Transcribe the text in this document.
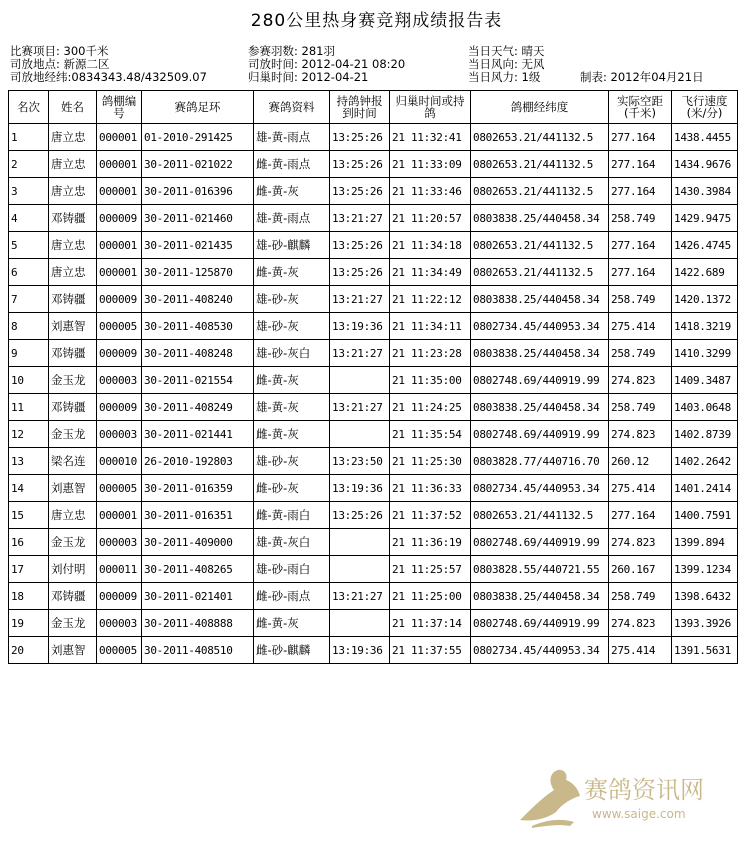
280公里热身赛竞翔成绩报告表
比赛项目: 300千米
司放地点: 新源二区
司放地经纬:0834343.48/432509.07
参赛羽数: 281羽
司放时间: 2012-04-21 08:20
归巢时间: 2012-04-21
当日天气: 晴天
当日风向: 无风
当日风力: 1级	制表: 2012年04月21日
名次	姓名	鸽棚编号	赛鸽足环	赛鸽资料	持鸽钟报到时间	归巢时间或持鸽	鸽棚经纬度	实际空距(千米)	飞行速度(米/分)
1	唐立忠	000001	01-2010-291425	雄-黄-雨点	13:25:26	21 11:32:41	0802653.21/441132.5	277.164	1438.4455
2	唐立忠	000001	30-2011-021022	雌-黄-雨点	13:25:26	21 11:33:09	0802653.21/441132.5	277.164	1434.9676
3	唐立忠	000001	30-2011-016396	雌-黄-灰	13:25:26	21 11:33:46	0802653.21/441132.5	277.164	1430.3984
4	邓铸疆	000009	30-2011-021460	雄-黄-雨点	13:21:27	21 11:20:57	0803838.25/440458.34	258.749	1429.9475
5	唐立忠	000001	30-2011-021435	雄-砂-麒麟	13:25:26	21 11:34:18	0802653.21/441132.5	277.164	1426.4745
6	唐立忠	000001	30-2011-125870	雌-黄-灰	13:25:26	21 11:34:49	0802653.21/441132.5	277.164	1422.689
7	邓铸疆	000009	30-2011-408240	雄-砂-灰	13:21:27	21 11:22:12	0803838.25/440458.34	258.749	1420.1372
8	刘惠智	000005	30-2011-408530	雄-砂-灰	13:19:36	21 11:34:11	0802734.45/440953.34	275.414	1418.3219
9	邓铸疆	000009	30-2011-408248	雄-砂-灰白	13:21:27	21 11:23:28	0803838.25/440458.34	258.749	1410.3299
10	金玉龙	000003	30-2011-021554	雌-黄-灰		21 11:35:00	0802748.69/440919.99	274.823	1409.3487
11	邓铸疆	000009	30-2011-408249	雄-黄-灰	13:21:27	21 11:24:25	0803838.25/440458.34	258.749	1403.0648
12	金玉龙	000003	30-2011-021441	雌-黄-灰		21 11:35:54	0802748.69/440919.99	274.823	1402.8739
13	梁名连	000010	26-2010-192803	雄-砂-灰	13:23:50	21 11:25:30	0803828.77/440716.70	260.12	1402.2642
14	刘惠智	000005	30-2011-016359	雌-砂-灰	13:19:36	21 11:36:33	0802734.45/440953.34	275.414	1401.2414
15	唐立忠	000001	30-2011-016351	雌-黄-雨白	13:25:26	21 11:37:52	0802653.21/441132.5	277.164	1400.7591
16	金玉龙	000003	30-2011-409000	雄-黄-灰白		21 11:36:19	0802748.69/440919.99	274.823	1399.894
17	刘付明	000011	30-2011-408265	雄-砂-雨白		21 11:25:57	0803828.55/440721.55	260.167	1399.1234
18	邓铸疆	000009	30-2011-021401	雌-砂-雨点	13:21:27	21 11:25:00	0803838.25/440458.34	258.749	1398.6432
19	金玉龙	000003	30-2011-408888	雌-黄-灰		21 11:37:14	0802748.69/440919.99	274.823	1393.3926
20	刘惠智	000005	30-2011-408510	雌-砂-麒麟	13:19:36	21 11:37:55	0802734.45/440953.34	275.414	1391.5631
赛鸽资讯网
www.saige.com
